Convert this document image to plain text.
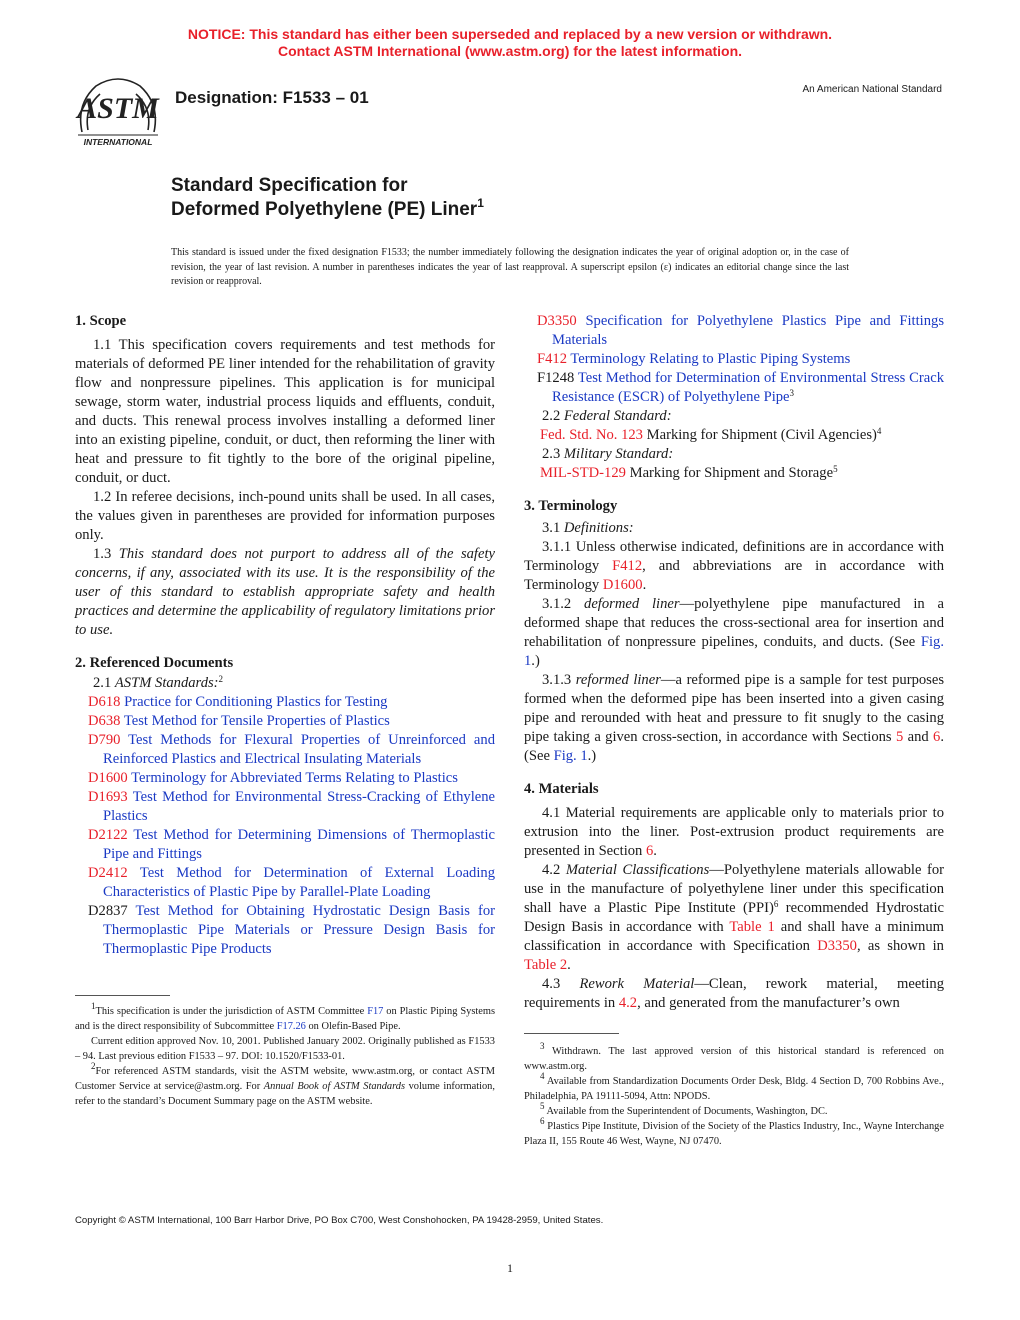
NOTICE: This standard has either been superseded and replaced by a new version or withdrawn.
Contact ASTM International (www.astm.org) for the latest information.
ASTM
INTERNATIONAL
Designation: F1533 – 01	An American National Standard
Standard Specification for
Deformed Polyethylene (PE) Liner$^1$
This standard is issued under the fixed designation F1533; the number immediately following the designation indicates the year of original adoption or, in the case of revision, the year of last revision. A number in parentheses indicates the year of last reapproval. A superscript epsilon (ε) indicates an editorial change since the last revision or reapproval.

1. Scope

1.1 This specification covers requirements and test methods for materials of deformed PE liner intended for the rehabilitation of gravity flow and nonpressure pipelines. This application is for municipal sewage, storm water, industrial process liquids and effluents, conduit, and ducts. This renewal process involves installing a deformed liner into an existing pipeline, conduit, or duct, then reforming the liner with heat and pressure to fit tightly to the bore of the original pipeline, conduit, or duct.

1.2 In referee decisions, inch-pound units shall be used. In all cases, the values given in parentheses are provided for information purposes only.

1.3 This standard does not purport to address all of the safety concerns, if any, associated with its use. It is the responsibility of the user of this standard to establish appropriate safety and health practices and determine the applicability of regulatory limitations prior to use.

2. Referenced Documents

2.1 ASTM Standards:$^2$

D618 Practice for Conditioning Plastics for Testing

D638 Test Method for Tensile Properties of Plastics

D790 Test Methods for Flexural Properties of Unreinforced and Reinforced Plastics and Electrical Insulating Materials

D1600 Terminology for Abbreviated Terms Relating to Plastics

D1693 Test Method for Environmental Stress-Cracking of Ethylene Plastics

D2122 Test Method for Determining Dimensions of Thermoplastic Pipe and Fittings

D2412 Test Method for Determination of External Loading Characteristics of Plastic Pipe by Parallel-Plate Loading

D2837 Test Method for Obtaining Hydrostatic Design Basis for Thermoplastic Pipe Materials or Pressure Design Basis for Thermoplastic Pipe Products

$^1$This specification is under the jurisdiction of ASTM Committee F17 on Plastic Piping Systems and is the direct responsibility of Subcommittee F17.26 on Olefin-Based Pipe.

Current edition approved Nov. 10, 2001. Published January 2002. Originally published as F1533 – 94. Last previous edition F1533 – 97. DOI: 10.1520/F1533-01.

$^2$For referenced ASTM standards, visit the ASTM website, www.astm.org, or contact ASTM Customer Service at service@astm.org. For Annual Book of ASTM Standards volume information, refer to the standard’s Document Summary page on the ASTM website.

D3350 Specification for Polyethylene Plastics Pipe and Fittings Materials

F412 Terminology Relating to Plastic Piping Systems

F1248 Test Method for Determination of Environmental Stress Crack Resistance (ESCR) of Polyethylene Pipe$^3$

2.2 Federal Standard:

Fed. Std. No. 123 Marking for Shipment (Civil Agencies)$^4$

2.3 Military Standard:

MIL-STD-129 Marking for Shipment and Storage$^5$

3. Terminology

3.1 Definitions:

3.1.1 Unless otherwise indicated, definitions are in accordance with Terminology F412, and abbreviations are in accordance with Terminology D1600.

3.1.2 deformed liner—polyethylene pipe manufactured in a deformed shape that reduces the cross-sectional area for insertion and rehabilitation of nonpressure pipelines, conduits, and ducts. (See Fig. 1.)

3.1.3 reformed liner—a reformed pipe is a sample for test purposes formed when the deformed pipe has been inserted into a given casing pipe and rerounded with heat and pressure to fit snugly to the casing pipe taking a given cross-section, in accordance with Sections 5 and 6. (See Fig. 1.)

4. Materials

4.1 Material requirements are applicable only to materials prior to extrusion into the liner. Post-extrusion product requirements are presented in Section 6.

4.2 Material Classifications—Polyethylene materials allowable for use in the manufacture of polyethylene liner under this specification shall have a Plastic Pipe Institute (PPI)$^6$ recommended Hydrostatic Design Basis in accordance with Table 1 and shall have a minimum classification in accordance with Specification D3350, as shown in Table 2.

4.3 Rework Material—Clean, rework material, meeting requirements in 4.2, and generated from the manufacturer’s own

$^3$ Withdrawn. The last approved version of this historical standard is referenced on www.astm.org.

$^4$ Available from Standardization Documents Order Desk, Bldg. 4 Section D, 700 Robbins Ave., Philadelphia, PA 19111-5094, Attn: NPODS.

$^5$ Available from the Superintendent of Documents, Washington, DC.

$^6$ Plastics Pipe Institute, Division of the Society of the Plastics Industry, Inc., Wayne Interchange Plaza II, 155 Route 46 West, Wayne, NJ 07470.

Copyright © ASTM International, 100 Barr Harbor Drive, PO Box C700, West Conshohocken, PA 19428-2959, United States.
1
